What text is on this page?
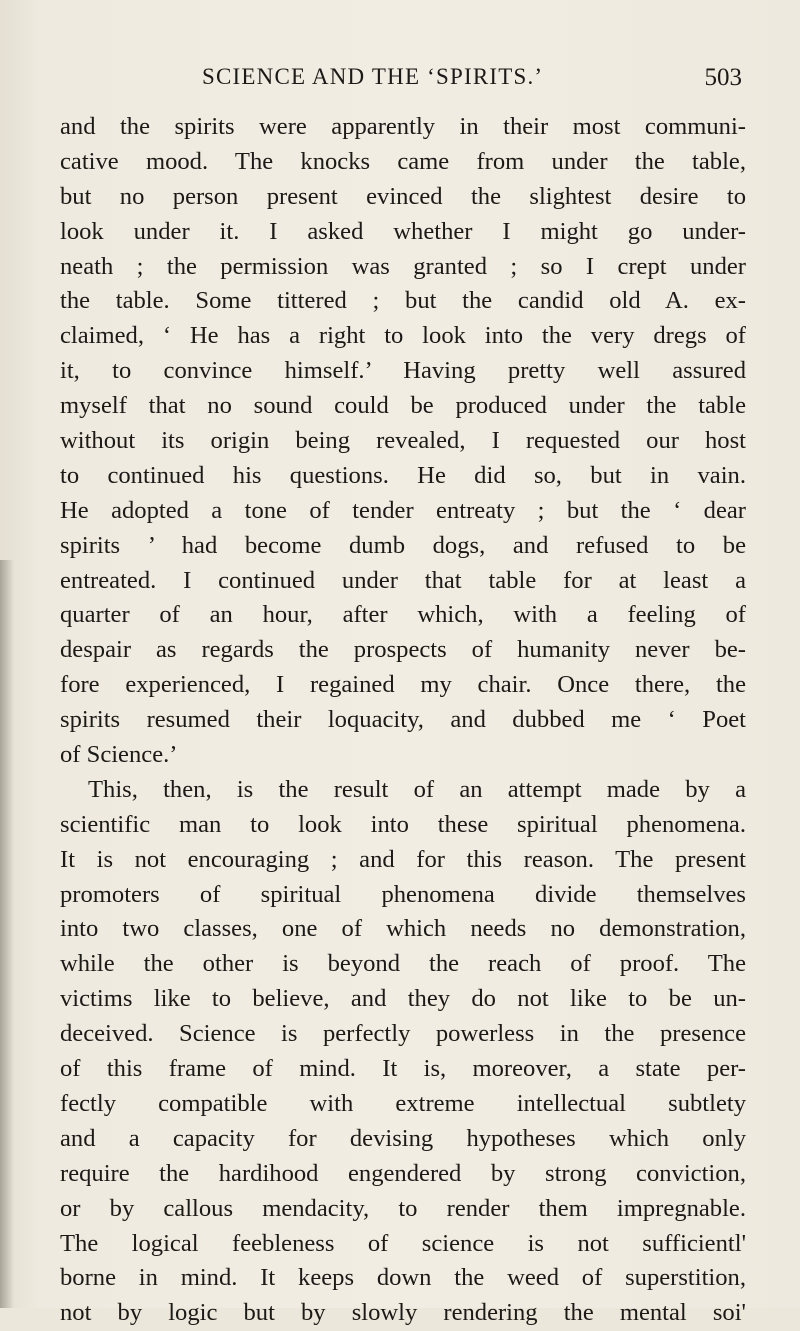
SCIENCE AND THE ‘SPIRITS.’	503
and the spirits were apparently in their most communi-
cative mood. The knocks came from under the table,
but no person present evinced the slightest desire to
look under it. I asked whether I might go under-
neath ; the permission was granted ; so I crept under
the table. Some tittered ; but the candid old A. ex-
claimed, ‘ He has a right to look into the very dregs of
it, to convince himself.’ Having pretty well assured
myself that no sound could be produced under the table
without its origin being revealed, I requested our host
to continued his questions. He did so, but in vain.
He adopted a tone of tender entreaty ; but the ‘ dear
spirits ’ had become dumb dogs, and refused to be
entreated. I continued under that table for at least a
quarter of an hour, after which, with a feeling of
despair as regards the prospects of humanity never be-
fore experienced, I regained my chair. Once there, the
spirits resumed their loquacity, and dubbed me ‘ Poet
of Science.’
This, then, is the result of an attempt made by a
scientific man to look into these spiritual phenomena.
It is not encouraging ; and for this reason. The present
promoters of spiritual phenomena divide themselves
into two classes, one of which needs no demonstration,
while the other is beyond the reach of proof. The
victims like to believe, and they do not like to be un-
deceived. Science is perfectly powerless in the presence
of this frame of mind. It is, moreover, a state per-
fectly compatible with extreme intellectual subtlety
and a capacity for devising hypotheses which only
require the hardihood engendered by strong conviction,
or by callous mendacity, to render them impregnable.
The logical feebleness of science is not sufficientl'
borne in mind. It keeps down the weed of superstition,
not by logic but by slowly rendering the mental soi'
